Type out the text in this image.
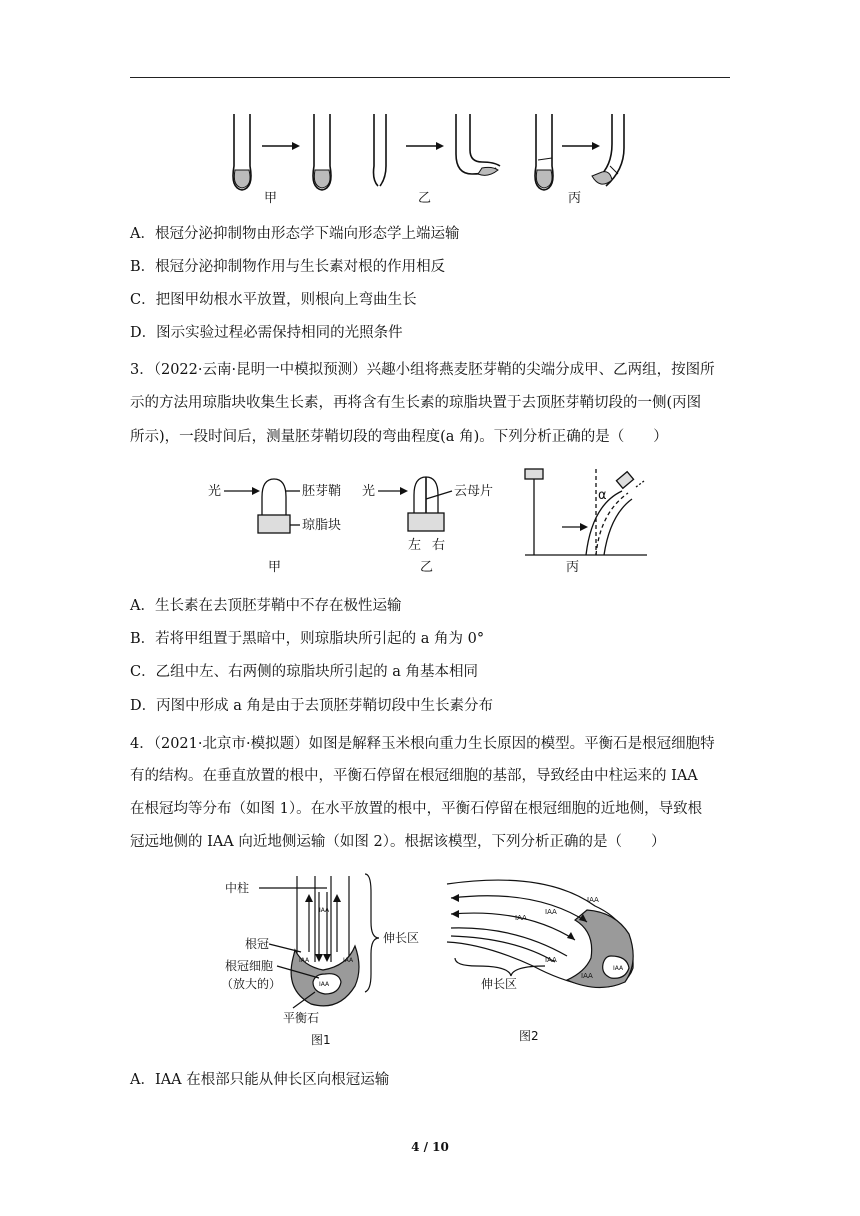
甲	乙	丙
A．根冠分泌抑制物由形态学下端向形态学上端运输
B．根冠分泌抑制物作用与生长素对根的作用相反
C．把图甲幼根水平放置，则根向上弯曲生长
D．图示实验过程必需保持相同的光照条件
3．（2022·云南·昆明一中模拟预测）兴趣小组将燕麦胚芽鞘的尖端分成甲、乙两组，按图所
示的方法用琼脂块收集生长素，再将含有生长素的琼脂块置于去顶胚芽鞘切段的一侧(丙图
所示)，一段时间后，测量胚芽鞘切段的弯曲程度(a 角)。下列分析正确的是（　　）
光	胚芽鞘
琼脂块
甲
光	云母片
左 右
乙
α
丙
A．生长素在去顶胚芽鞘中不存在极性运输
B．若将甲组置于黑暗中，则琼脂块所引起的 a 角为 0°
C．乙组中左、右两侧的琼脂块所引起的 a 角基本相同
D．丙图中形成 a 角是由于去顶胚芽鞘切段中生长素分布
4．（2021·北京市·模拟题）如图是解释玉米根向重力生长原因的模型。平衡石是根冠细胞特
有的结构。在垂直放置的根中，平衡石停留在根冠细胞的基部，导致经由中柱运来的 IAA
在根冠均等分布（如图 1）。在水平放置的根中，平衡石停留在根冠细胞的近地侧，导致根
冠远地侧的 IAA 向近地侧运输（如图 2）。根据该模型，下列分析正确的是（　　）
中柱
伸长区
根冠
根冠细胞
（放大的）
平衡石
IAA	IAA
IAA
IAA
图1
IAA
IAA
IAA
IAA
IAA
IAA
伸长区
图2
A．IAA 在根部只能从伸长区向根冠运输
4 / 10
